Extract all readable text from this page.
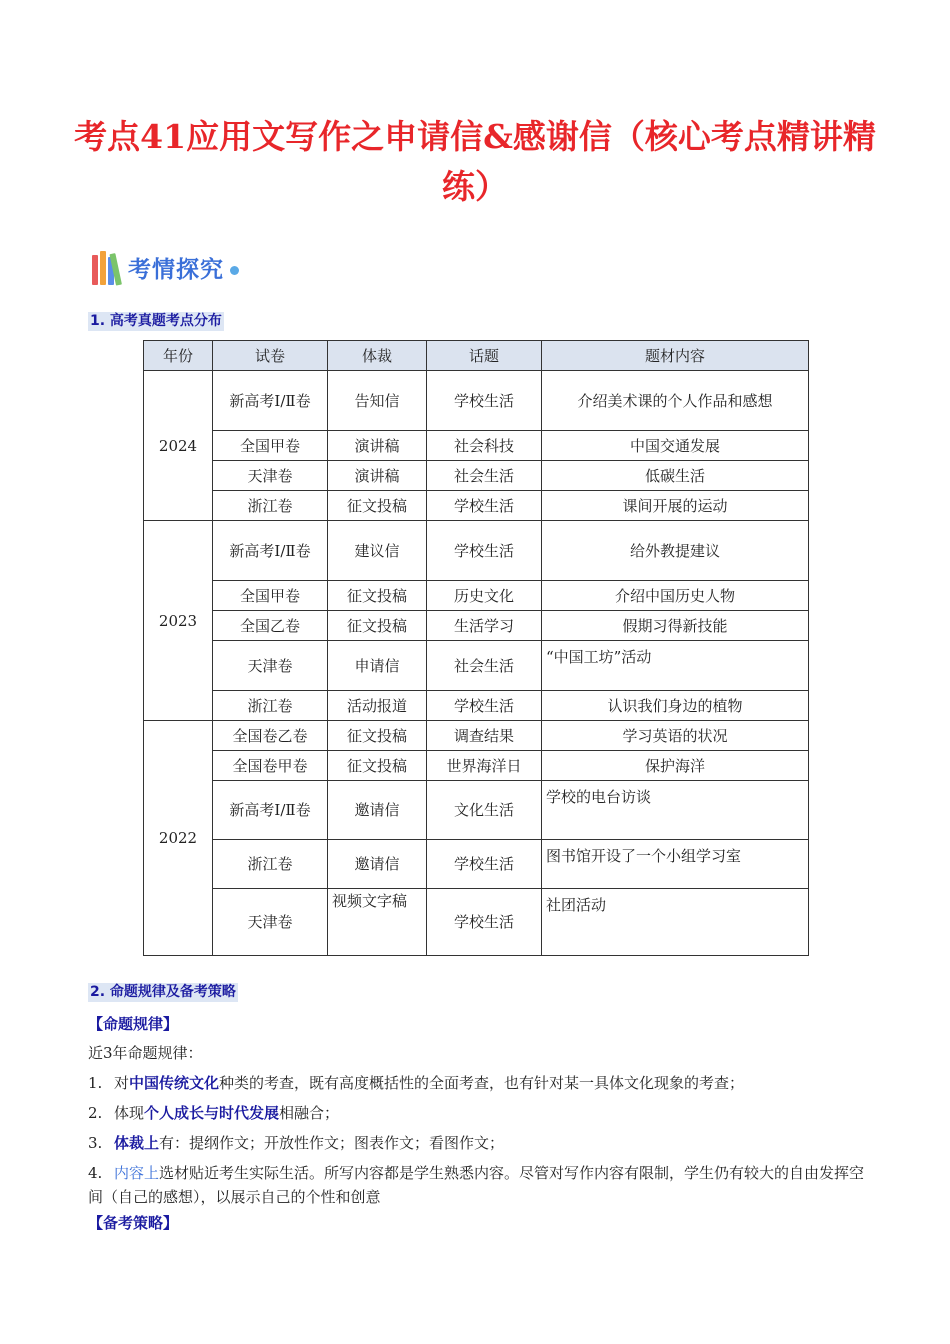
考点41应用文写作之申请信&感谢信（核心考点精讲精练）
考情探究
1. 高考真题考点分布
年份	试卷	体裁	话题	题材内容
2024	新高考Ⅰ/Ⅱ卷	告知信	学校生活	介绍美术课的个人作品和感想
	全国甲卷	演讲稿	社会科技	中国交通发展
	天津卷	演讲稿	社会生活	低碳生活
	浙江卷	征文投稿	学校生活	课间开展的运动
2023	新高考Ⅰ/Ⅱ卷	建议信	学校生活	给外教提建议
	全国甲卷	征文投稿	历史文化	介绍中国历史人物
	全国乙卷	征文投稿	生活学习	假期习得新技能
	天津卷	申请信	社会生活	“中国工坊”活动
	浙江卷	活动报道	学校生活	认识我们身边的植物
2022	全国卷乙卷	征文投稿	调查结果	学习英语的状况
	全国卷甲卷	征文投稿	世界海洋日	保护海洋
	新高考Ⅰ/Ⅱ卷	邀请信	文化生活	学校的电台访谈
	浙江卷	邀请信	学校生活	图书馆开设了一个小组学习室
	天津卷	视频文字稿	学校生活	社团活动
2. 命题规律及备考策略
【命题规律】
近3年命题规律：
1. 对中国传统文化种类的考查，既有高度概括性的全面考查，也有针对某一具体文化现象的考查；
2. 体现个人成长与时代发展相融合；
3. 体裁上有：提纲作文；开放性作文；图表作文；看图作文；
4. 内容上选材贴近考生实际生活。所写内容都是学生熟悉内容。尽管对写作内容有限制，学生仍有较大的自由发挥空间（自己的感想），以展示自己的个性和创意
【备考策略】
